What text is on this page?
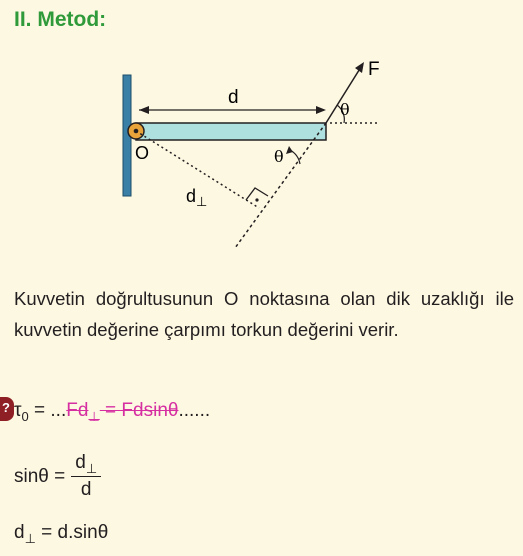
II. Metod:
d
F
θ
θ
O
$d_\perp$
Kuvvetin doğrultusunun O noktasına olan dik uzaklığı ile kuvvetin değerine çarpımı torkun değerini verir.
? $\tau_0 = ...Fd_\perp = Fdsin\theta$......
$\sin\theta = \frac{d_\perp}{d}$
$d_\perp = d.\sin\theta$
